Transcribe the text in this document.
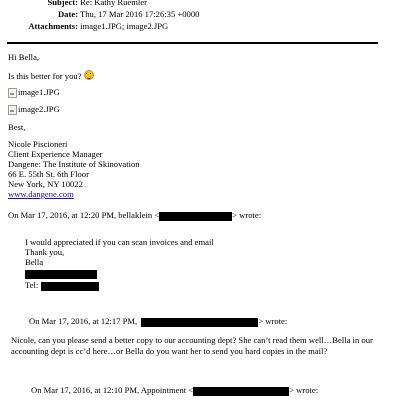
Subject: Re: Kathy Ruemler
Date: Thu, 17 Mar 2016 17:26:35 +0000
Attachments: image1.JPG; image2.JPG
Hi Bella,
Is this better for you?
image1.JPG
image2.JPG
Best,
Nicole Piscioneri
Client Experience Manager
Dangene: The Institute of Skinovation
66 E. 55th St. 6th Floor
New York, NY 10022
www.dangene.com
On Mar 17, 2016, at 12:20 PM, bellaklein <	> wrote:
I would appreciated if you can scan invoices and email
Thank you,
Bella
Tel:
On Mar 17, 2016, at 12:17 PM,	> wrote:
Nicole, can you please send a better copy to our accounting dept? She can’t read them well…Bella in our accounting dept is cc’d here…or Bella do you want her to send you hard copies in the mail?
On Mar 17, 2016, at 12:10 PM, Appointment <	> wrote:
